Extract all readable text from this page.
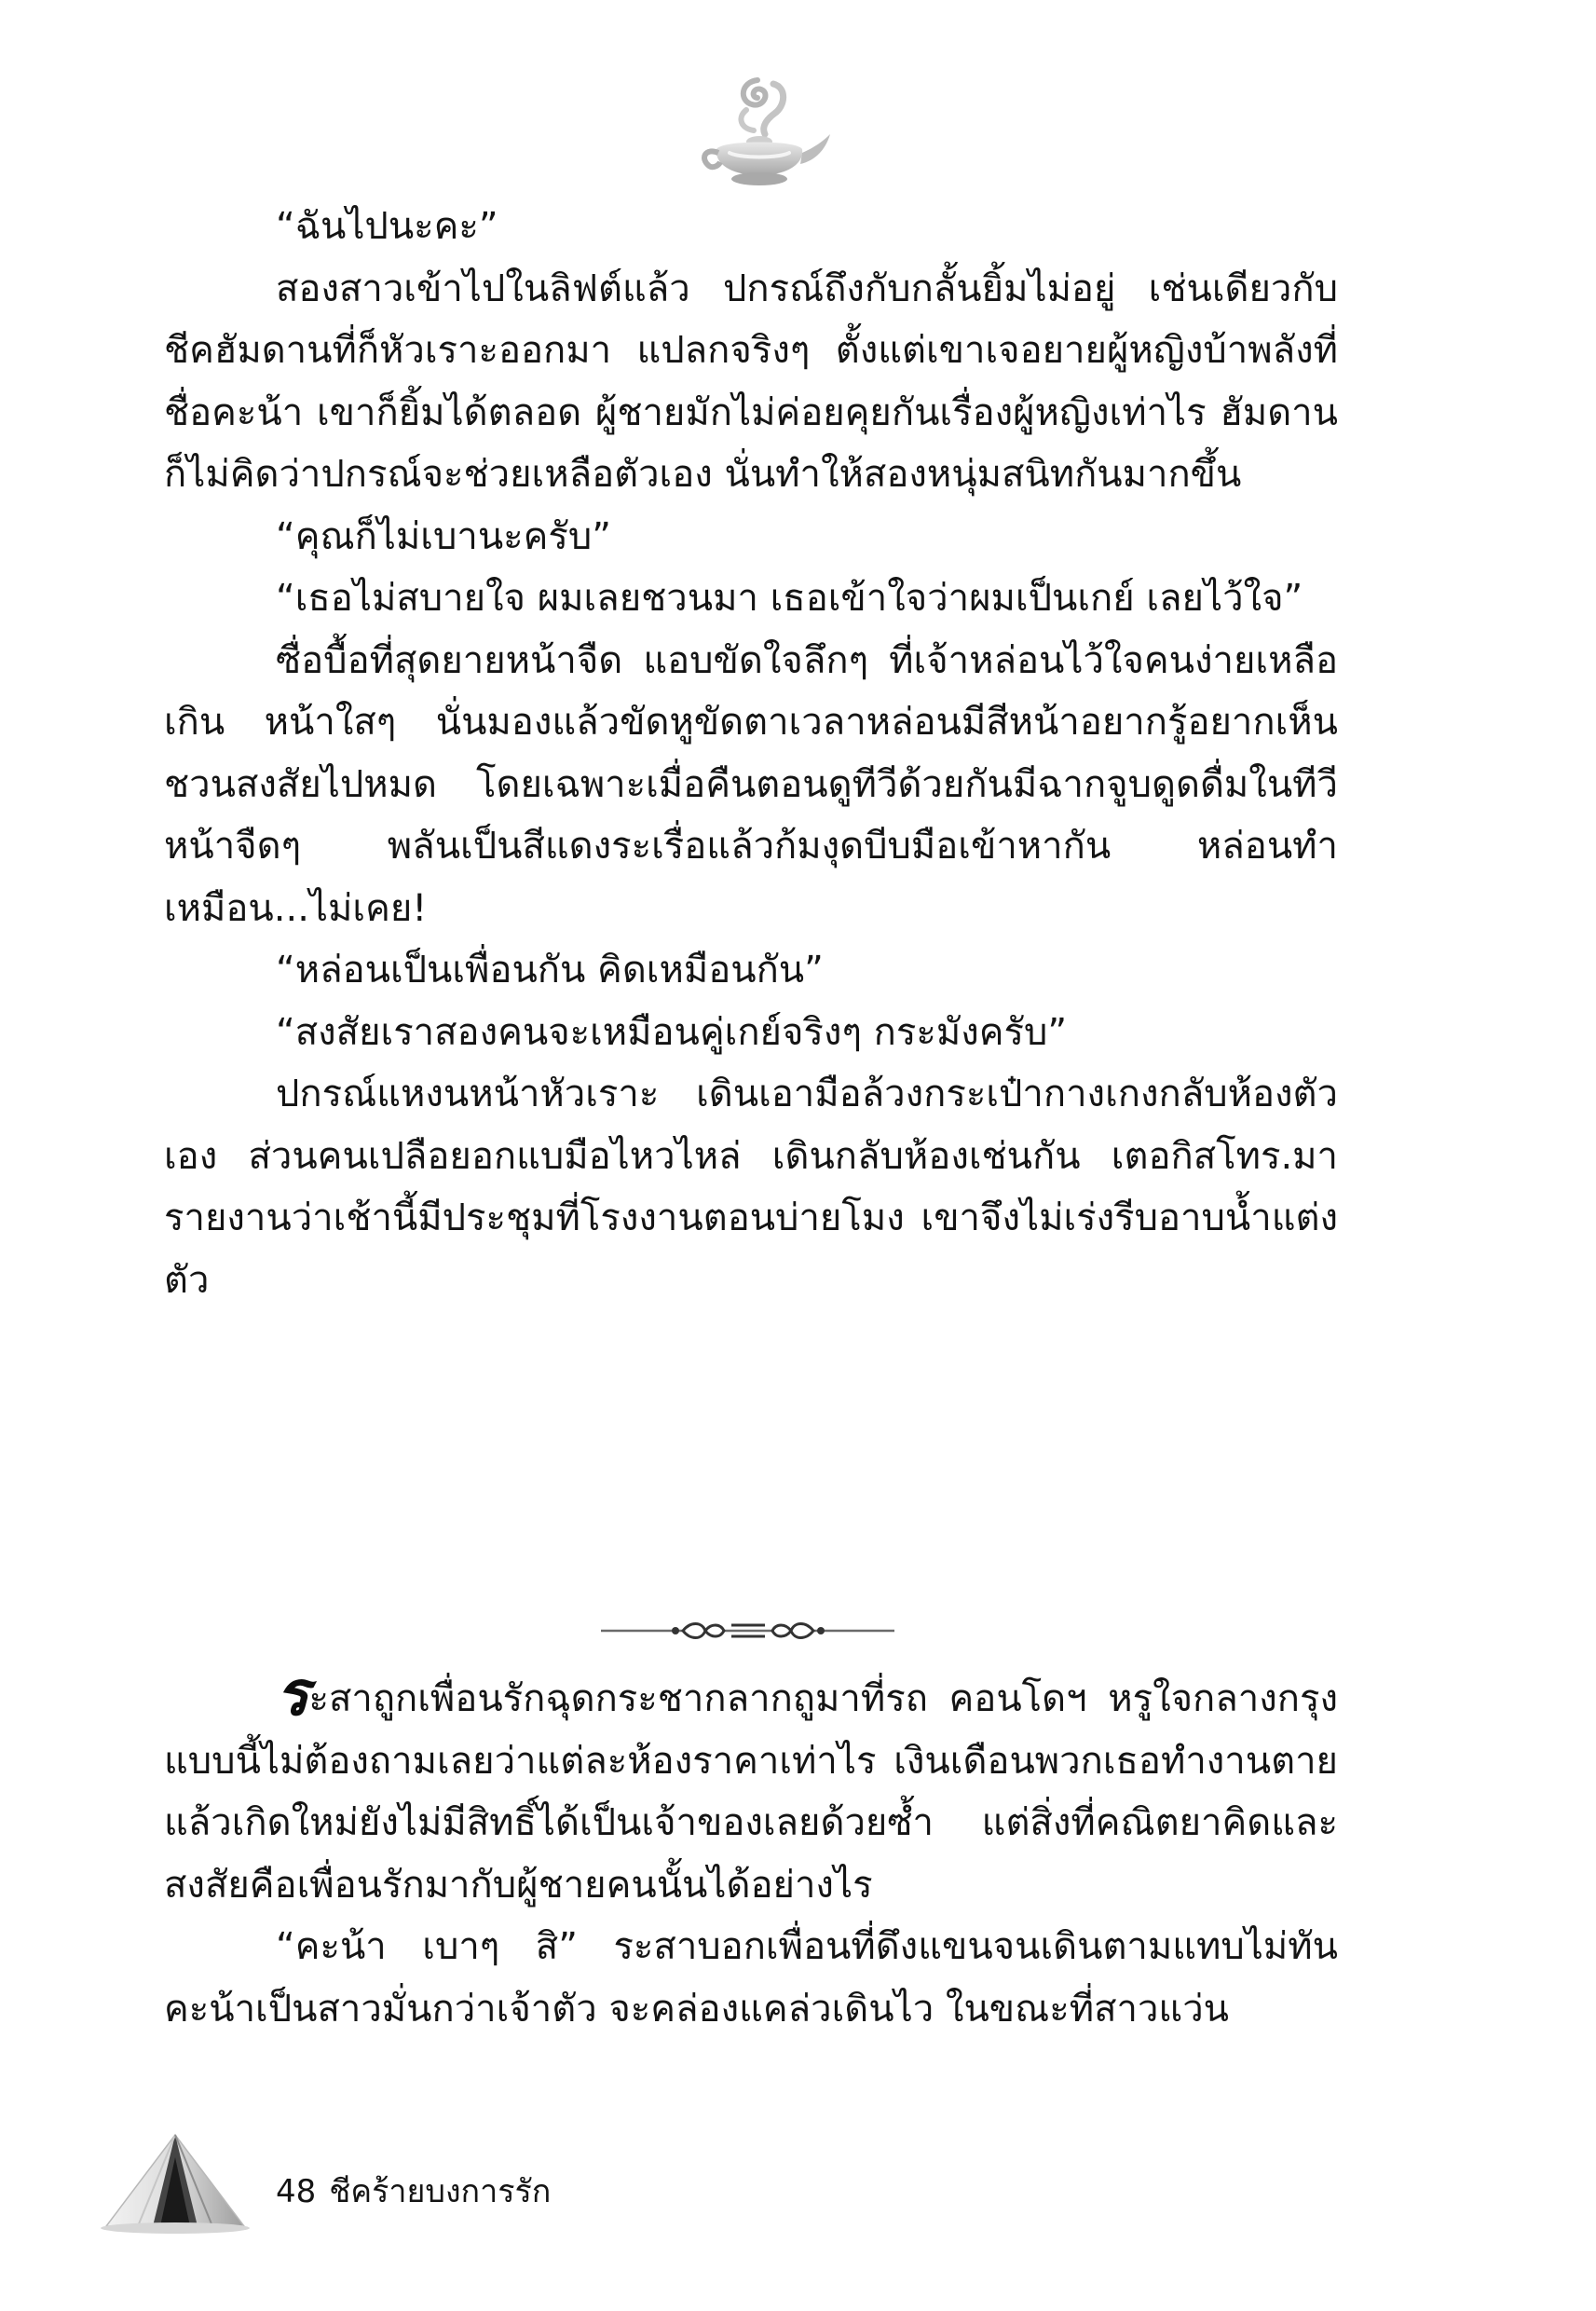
“ฉันไปนะคะ”

สองสาวเข้าไปในลิฟต์แล้ว ปกรณ์ถึงกับกลั้นยิ้มไม่อยู่ เช่นเดียวกับชีคฮัมดานที่ก็หัวเราะออกมา แปลกจริงๆ ตั้งแต่เขาเจอยายผู้หญิงบ้าพลังที่ชื่อคะน้า เขาก็ยิ้มได้ตลอด ผู้ชายมักไม่ค่อยคุยกันเรื่องผู้หญิงเท่าไร ฮัมดานก็ไม่คิดว่าปกรณ์จะช่วยเหลือตัวเอง นั่นทำให้สองหนุ่มสนิทกันมากขึ้น

“คุณก็ไม่เบานะครับ”

“เธอไม่สบายใจ ผมเลยชวนมา เธอเข้าใจว่าผมเป็นเกย์ เลยไว้ใจ”

ซื่อบื้อที่สุดยายหน้าจืด แอบขัดใจลึกๆ ที่เจ้าหล่อนไว้ใจคนง่ายเหลือเกิน หน้าใสๆ นั่นมองแล้วขัดหูขัดตาเวลาหล่อนมีสีหน้าอยากรู้อยากเห็นชวนสงสัยไปหมด โดยเฉพาะเมื่อคืนตอนดูทีวีด้วยกันมีฉากจูบดูดดื่มในทีวี หน้าจืดๆ พลันเป็นสีแดงระเรื่อแล้วก้มงุดบีบมือเข้าหากัน หล่อนทำเหมือน...ไม่เคย!

“หล่อนเป็นเพื่อนกัน คิดเหมือนกัน”

“สงสัยเราสองคนจะเหมือนคู่เกย์จริงๆ กระมังครับ”

ปกรณ์แหงนหน้าหัวเราะ เดินเอามือล้วงกระเป๋ากางเกงกลับห้องตัวเอง ส่วนคนเปลือยอกแบมือไหวไหล่ เดินกลับห้องเช่นกัน เตอกิสโทร.มารายงานว่าเช้านี้มีประชุมที่โรงงานตอนบ่ายโมง เขาจึงไม่เร่งรีบอาบน้ำแต่งตัว

ระสาถูกเพื่อนรักฉุดกระชากลากถูมาที่รถ คอนโดฯ หรูใจกลางกรุงแบบนี้ไม่ต้องถามเลยว่าแต่ละห้องราคาเท่าไร เงินเดือนพวกเธอทำงานตายแล้วเกิดใหม่ยังไม่มีสิทธิ์ได้เป็นเจ้าของเลยด้วยซ้ำ แต่สิ่งที่คณิตยาคิดและสงสัยคือเพื่อนรักมากับผู้ชายคนนั้นได้อย่างไร

“คะน้า เบาๆ สิ” ระสาบอกเพื่อนที่ดึงแขนจนเดินตามแทบไม่ทัน คะน้าเป็นสาวมั่นกว่าเจ้าตัว จะคล่องแคล่วเดินไว ในขณะที่สาวแว่น

48 ชีคร้ายบงการรัก
